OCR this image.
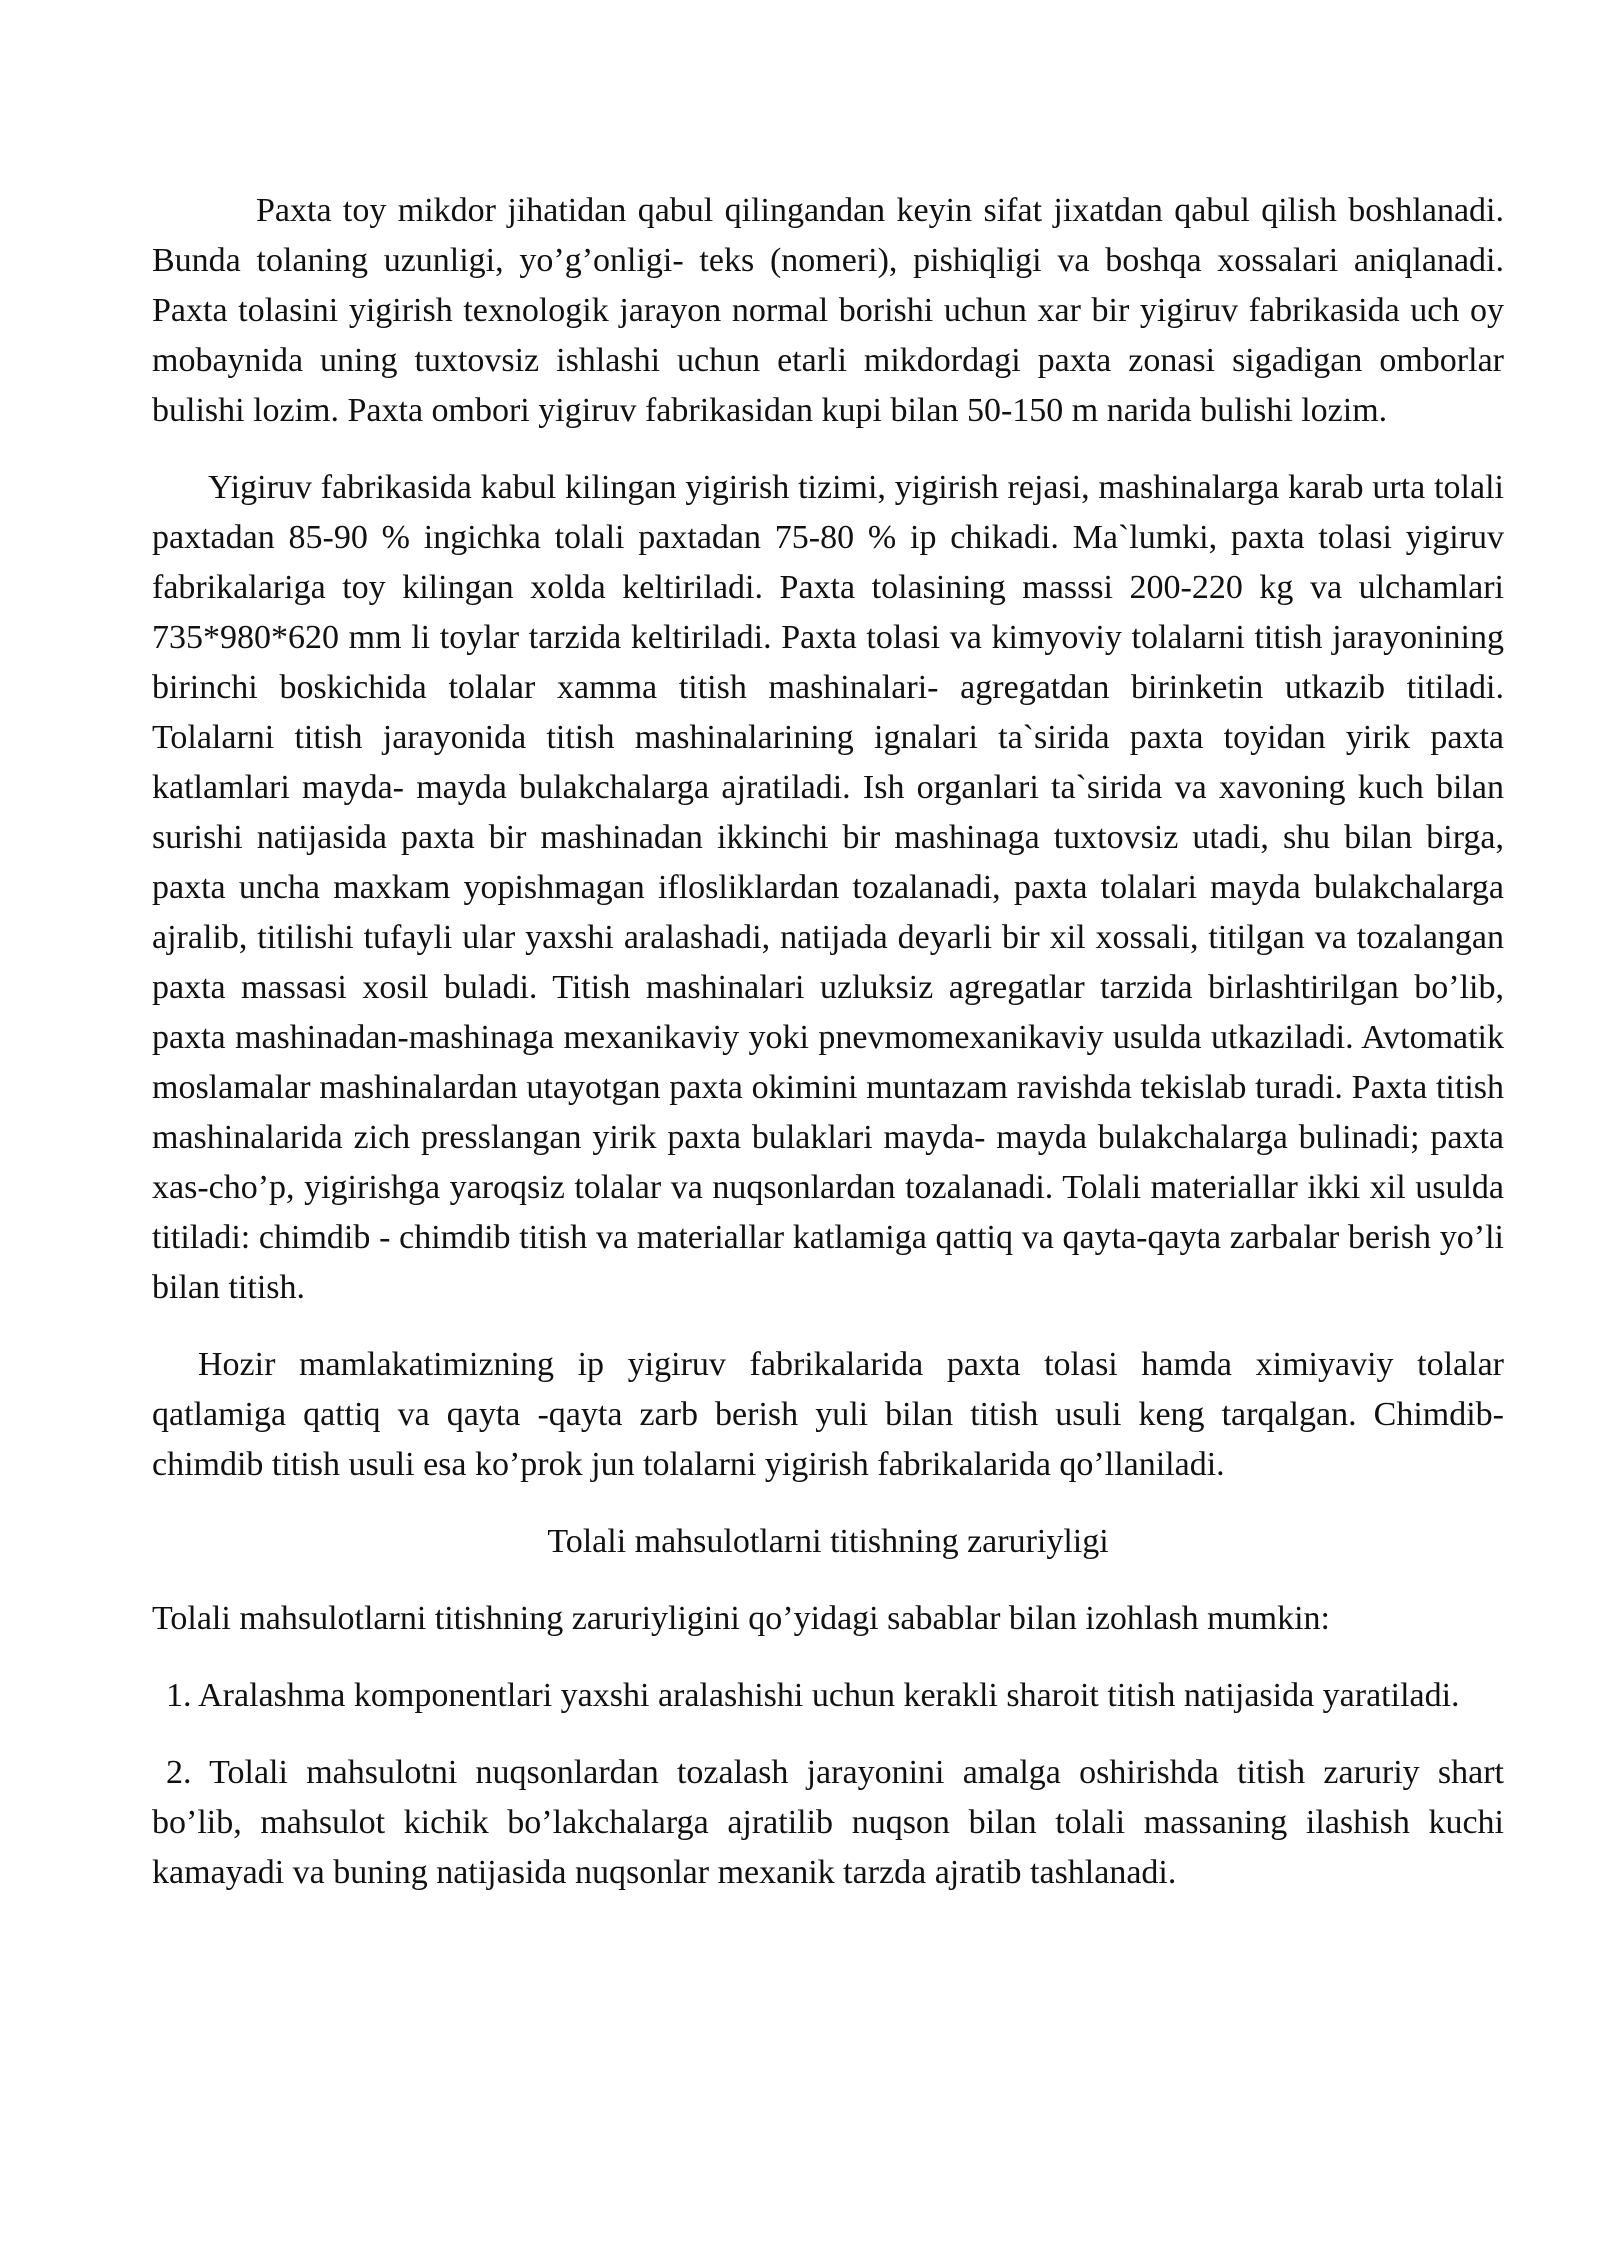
Paxta toy mikdor jihatidan qabul qilingandan keyin sifat jixatdan qabul qilish boshlanadi. Bunda tolaning uzunligi, yo’g’onligi- teks (nomeri), pishiqligi va boshqa xossalari aniqlanadi. Paxta tolasini yigirish texnologik jarayon normal borishi uchun xar bir yigiruv fabrikasida uch oy mobaynida uning tuxtovsiz ishlashi uchun etarli mikdordagi paxta zonasi sigadigan omborlar bulishi lozim. Paxta ombori yigiruv fabrikasidan kupi bilan 50-150 m narida bulishi lozim.

Yigiruv fabrikasida kabul kilingan yigirish tizimi, yigirish rejasi, mashinalarga karab urta tolali paxtadan 85-90 % ingichka tolali paxtadan 75-80 % ip chikadi. Ma`lumki, paxta tolasi yigiruv fabrikalariga toy kilingan xolda keltiriladi. Paxta tolasining masssi 200-220 kg va ulchamlari 735*980*620 mm li toylar tarzida keltiriladi. Paxta tolasi va kimyoviy tolalarni titish jarayonining birinchi boskichida tolalar xamma titish mashinalari- agregatdan birinketin utkazib titiladi. Tolalarni titish jarayonida titish mashinalarining ignalari ta`sirida paxta toyidan yirik paxta katlamlari mayda- mayda bulakchalarga ajratiladi. Ish organlari ta`sirida va xavoning kuch bilan surishi natijasida paxta bir mashinadan ikkinchi bir mashinaga tuxtovsiz utadi, shu bilan birga, paxta uncha maxkam yopishmagan iflosliklardan tozalanadi, paxta tolalari mayda bulakchalarga ajralib, titilishi tufayli ular yaxshi aralashadi, natijada deyarli bir xil xossali, titilgan va tozalangan paxta massasi xosil buladi. Titish mashinalari uzluksiz agregatlar tarzida birlashtirilgan bo’lib, paxta mashinadan-mashinaga mexanikaviy yoki pnevmomexanikaviy usulda utkaziladi. Avtomatik moslamalar mashinalardan utayotgan paxta okimini muntazam ravishda tekislab turadi. Paxta titish mashinalarida zich presslangan yirik paxta bulaklari mayda- mayda bulakchalarga bulinadi; paxta xas-cho’p, yigirishga yaroqsiz tolalar va nuqsonlardan tozalanadi. Tolali materiallar ikki xil usulda titiladi: chimdib - chimdib titish va materiallar katlamiga qattiq va qayta-qayta zarbalar berish yo’li bilan titish.

Hozir mamlakatimizning ip yigiruv fabrikalarida paxta tolasi hamda ximiyaviy tolalar qatlamiga qattiq va qayta -qayta zarb berish yuli bilan titish usuli keng tarqalgan. Chimdib-chimdib titish usuli esa ko’prok jun tolalarni yigirish fabrikalarida qo’llaniladi.

Tolali mahsulotlarni titishning zaruriyligi

Tolali mahsulotlarni titishning zaruriyligini qo’yidagi sabablar bilan izohlash mumkin:

1. Aralashma komponentlari yaxshi aralashishi uchun kerakli sharoit titish natijasida yaratiladi.

2. Tolali mahsulotni nuqsonlardan tozalash jarayonini amalga oshirishda titish zaruriy shart bo’lib, mahsulot kichik bo’lakchalarga ajratilib nuqson bilan tolali massaning ilashish kuchi kamayadi va buning natijasida nuqsonlar mexanik tarzda ajratib tashlanadi.
